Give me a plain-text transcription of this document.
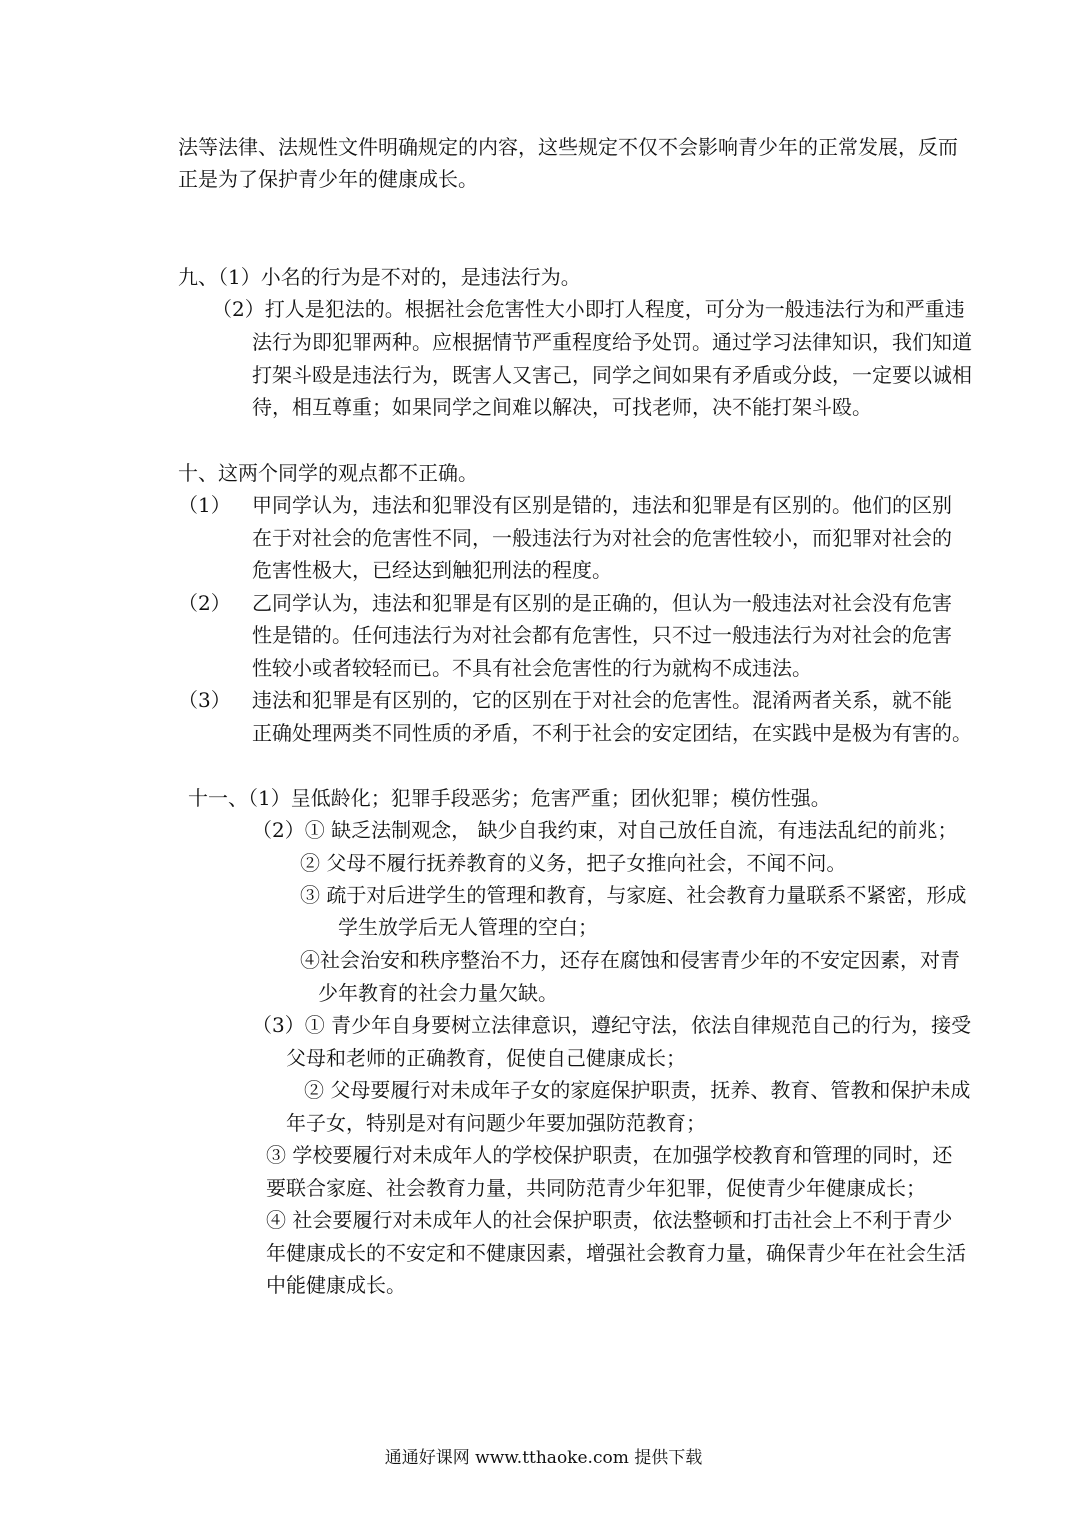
法等法律、法规性文件明确规定的内容，这些规定不仅不会影响青少年的正常发展，反而
正是为了保护青少年的健康成长。
九、（1）小名的行为是不对的，是违法行为。
（2）打人是犯法的。根据社会危害性大小即打人程度，可分为一般违法行为和严重违
法行为即犯罪两种。应根据情节严重程度给予处罚。通过学习法律知识，我们知道
打架斗殴是违法行为，既害人又害己，同学之间如果有矛盾或分歧，一定要以诚相
待，相互尊重；如果同学之间难以解决，可找老师，决不能打架斗殴。
十、这两个同学的观点都不正确。
（1） 甲同学认为，违法和犯罪没有区别是错的，违法和犯罪是有区别的。他们的区别
在于对社会的危害性不同，一般违法行为对社会的危害性较小，而犯罪对社会的
危害性极大，已经达到触犯刑法的程度。
（2） 乙同学认为，违法和犯罪是有区别的是正确的，但认为一般违法对社会没有危害
性是错的。任何违法行为对社会都有危害性，只不过一般违法行为对社会的危害
性较小或者较轻而已。不具有社会危害性的行为就构不成违法。
（3） 违法和犯罪是有区别的，它的区别在于对社会的危害性。混淆两者关系，就不能
正确处理两类不同性质的矛盾，不利于社会的安定团结，在实践中是极为有害的。
十一、（1）呈低龄化；犯罪手段恶劣；危害严重；团伙犯罪；模仿性强。
（2）① 缺乏法制观念， 缺少自我约束，对自己放任自流，有违法乱纪的前兆；
② 父母不履行抚养教育的义务，把子女推向社会，不闻不问。
③ 疏于对后进学生的管理和教育，与家庭、社会教育力量联系不紧密，形成
学生放学后无人管理的空白；
④社会治安和秩序整治不力，还存在腐蚀和侵害青少年的不安定因素，对青
少年教育的社会力量欠缺。
（3）① 青少年自身要树立法律意识，遵纪守法，依法自律规范自己的行为，接受
父母和老师的正确教育，促使自己健康成长；
② 父母要履行对未成年子女的家庭保护职责，抚养、教育、管教和保护未成
年子女，特别是对有问题少年要加强防范教育；
③ 学校要履行对未成年人的学校保护职责，在加强学校教育和管理的同时，还
要联合家庭、社会教育力量，共同防范青少年犯罪，促使青少年健康成长；
④ 社会要履行对未成年人的社会保护职责，依法整顿和打击社会上不利于青少
年健康成长的不安定和不健康因素，增强社会教育力量，确保青少年在社会生活
中能健康成长。
通通好课网 www.tthaoke.com 提供下载
